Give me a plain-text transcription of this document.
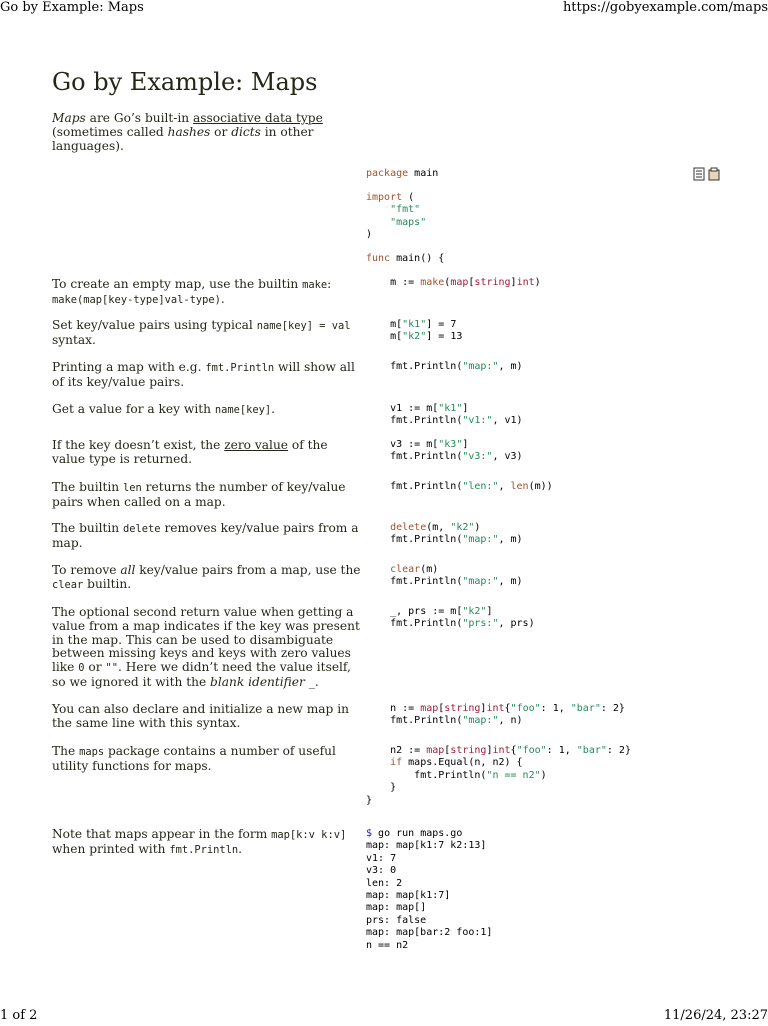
Go by Example: Maps	https://gobyexample.com/maps
Go by Example: Maps

Maps are Go’s built-in associative data type (sometimes called hashes or dicts in other languages).

package main
import (
"fmt"
"maps"
)
func main() {

To create an empty map, use the builtin make: make(map[key-type]val-type).

m := make(map[string]int)

Set key/value pairs using typical name[key] = val syntax.

m["k1"] = 7
m["k2"] = 13

Printing a map with e.g. fmt.Println will show all of its key/value pairs.

fmt.Println("map:", m)

Get a value for a key with name[key].	v1 := m["k1"]
fmt.Println("v1:", v1)

If the key doesn’t exist, the zero value of the value type is returned.

v3 := m["k3"]
fmt.Println("v3:", v3)

The builtin len returns the number of key/value pairs when called on a map.

fmt.Println("len:", len(m))

The builtin delete removes key/value pairs from a map.

delete(m, "k2")
fmt.Println("map:", m)

To remove all key/value pairs from a map, use the clear builtin.

clear(m)
fmt.Println("map:", m)

The optional second return value when getting a value from a map indicates if the key was present in the map. This can be used to disambiguate between missing keys and keys with zero values like 0 or "". Here we didn’t need the value itself, so we ignored it with the blank identifier _.

_, prs := m["k2"]
fmt.Println("prs:", prs)

You can also declare and initialize a new map in the same line with this syntax.

n := map[string]int{"foo": 1, "bar": 2}
fmt.Println("map:", n)

The maps package contains a number of useful utility functions for maps.

n2 := map[string]int{"foo": 1, "bar": 2}
if maps.Equal(n, n2) {
fmt.Println("n == n2")
}
}

Note that maps appear in the form map[k:v k:v] when printed with fmt.Println.

$ go run maps.go
map: map[k1:7 k2:13]
v1: 7
v3: 0
len: 2
map: map[k1:7]
map: map[]
prs: false
map: map[bar:2 foo:1]
n == n2
1 of 2	11/26/24, 23:27
